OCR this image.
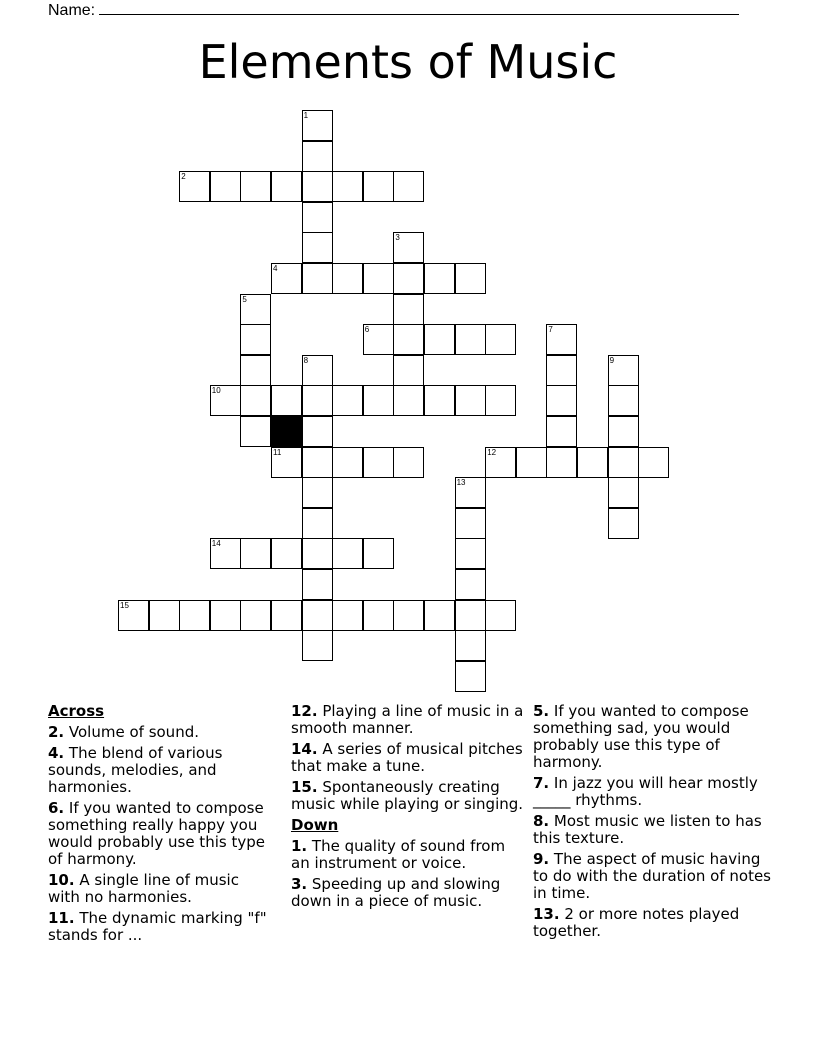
Name:
Elements of Music
1
2
3
4
5
6	7
8	9
10
11	12
13
14
15
Across
2. Volume of sound.
4. The blend of various sounds, melodies, and harmonies.
6. If you wanted to compose something really happy you would probably use this type of harmony.
10. A single line of music with no harmonies.
11. The dynamic marking "f" stands for ...
12. Playing a line of music in a smooth manner.
14. A series of musical pitches that make a tune.
15. Spontaneously creating music while playing or singing.
Down
1. The quality of sound from an instrument or voice.
3. Speeding up and slowing down in a piece of music.
5. If you wanted to compose something sad, you would probably use this type of harmony.
7. In jazz you will hear mostly _____ rhythms.
8. Most music we listen to has this texture.
9. The aspect of music having to do with the duration of notes in time.
13. 2 or more notes played together.
